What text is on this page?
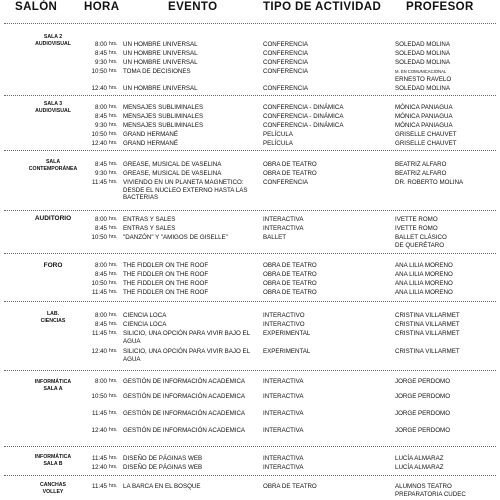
SALÓN HORA	EVENTO	TIPO DE ACTIVIDAD PROFESOR
SALA 2
AUDIOVISUAL	8:00 hrs. UN HOMBRE UNIVERSAL	CONFERENCIA	SOLEDAD MOLINA
8:45 hrs. UN HOMBRE UNIVERSAL	CONFERENCIA	SOLEDAD MOLINA
9:30 hrs. UN HOMBRE UNIVERSAL	CONFERENCIA	SOLEDAD MOLINA
10:50 hrs. TOMA DE DECISIONES	CONFERENCIA	M. EN COMUNICACIONAL
ERNESTO RAVELO
12:40 hrs. UN HOMBRE UNIVERSAL	CONFERENCIA	SOLEDAD MOLINA
SALA 3
AUDIOVISUAL	8:00 hrs. MENSAJES SUBLIMINALES	CONFERENCIA - DINÁMICA	MÓNICA PANIAGUA
8:45 hrs. MENSAJES SUBLIMINALES	CONFERENCIA - DINÁMICA	MÓNICA PANIAGUA
9:30 hrs. MENSAJES SUBLIMINALES	CONFERENCIA - DINÁMICA	MÓNICA PANIAGUA
10:50 hrs. GRAND HERMANÉ	PELÍCULA	GRISELLE CHAUVET
12:40 hrs. GRAND HERMANÉ	PELÍCULA	GRISELLE CHAUVET
SALA
CONTEMPORÁNEA
8:45 hrs. GREASE, MUSICAL DE VASELINA	OBRA DE TEATRO	BEATRIZ ALFARO
9:30 hrs. GREASE, MUSICAL DE VASELINA	OBRA DE TEATRO	BEATRIZ ALFARO
11:45 hrs. VIVIENDO EN UN PLANETA MAGNETICO: DESDE EL NUCLEO EXTERNO HASTA LAS BACTERIAS
CONFERENCIA	DR. ROBERTO MOLINA
AUDITORIO	8:00 hrs. ENTRAS Y SALES	INTERACTIVA	IVETTE ROMO
8:45 hrs. ENTRAS Y SALES	INTERACTIVA	IVETTE ROMO
10:50 hrs. "DANZÓN" Y "AMIGOS DE GISELLE"	BALLET	BALLET CLÁSICO
DE QUERÉTARO
FORO	8:00 hrs. THE FIDDLER ON THE ROOF	OBRA DE TEATRO	ANA LILIA MORENO
8:45 hrs. THE FIDDLER ON THE ROOF	OBRA DE TEATRO	ANA LILIA MORENO
10:50 hrs. THE FIDDLER ON THE ROOF	OBRA DE TEATRO	ANA LILIA MORENO
11:45 hrs. THE FIDDLER ON THE ROOF	OBRA DE TEATRO	ANA LILIA MORENO
LAB.
CIENCIAS
8:00 hrs. CIENCIA LOCA	INTERACTIVO	CRISTINA VILLARMET
8:45 hrs. CIENCIA LOCA	INTERACTIVO	CRISTINA VILLARMET
11:45 hrs. SILICIO, UNA OPCIÓN PARA VIVIR BAJO EL AGUA
EXPERIMENTAL	CRISTINA VILLARMET
12:40 hrs. SILICIO, UNA OPCIÓN PARA VIVIR BAJO EL AGUA
EXPERIMENTAL	CRISTINA VILLARMET
INFORMÁTICA
SALA A
8:00 hrs. GESTIÓN DE INFORMACIÓN ACADEMICA	INTERACTIVA	JORGE PERDOMO
10:50 hrs. GESTIÓN DE INFORMACIÓN ACADEMICA	INTERACTIVA	JORGE PERDOMO
11:45 hrs. GESTIÓN DE INFORMACIÓN ACADEMICA	INTERACTIVA	JORGE PERDOMO
12:40 hrs. GESTIÓN DE INFORMACIÓN ACADEMICA	INTERACTIVA	JORGE PERDOMO
INFORMÁTICA
SALA B
11:45 hrs. DISEÑO DE PÁGINAS WEB	INTERACTIVA	LUCÍA ALMARAZ
12:40 hrs. DISEÑO DE PÁGINAS WEB	INTERACTIVA	LUCÍA ALMARAZ
CANCHAS
VOLLEY
11:45 hrs. LA BARCA EN EL BOSQUE	OBRA DE TEATRO	ALUMNOS TEATRO
PREPARATORIA CUDEC
